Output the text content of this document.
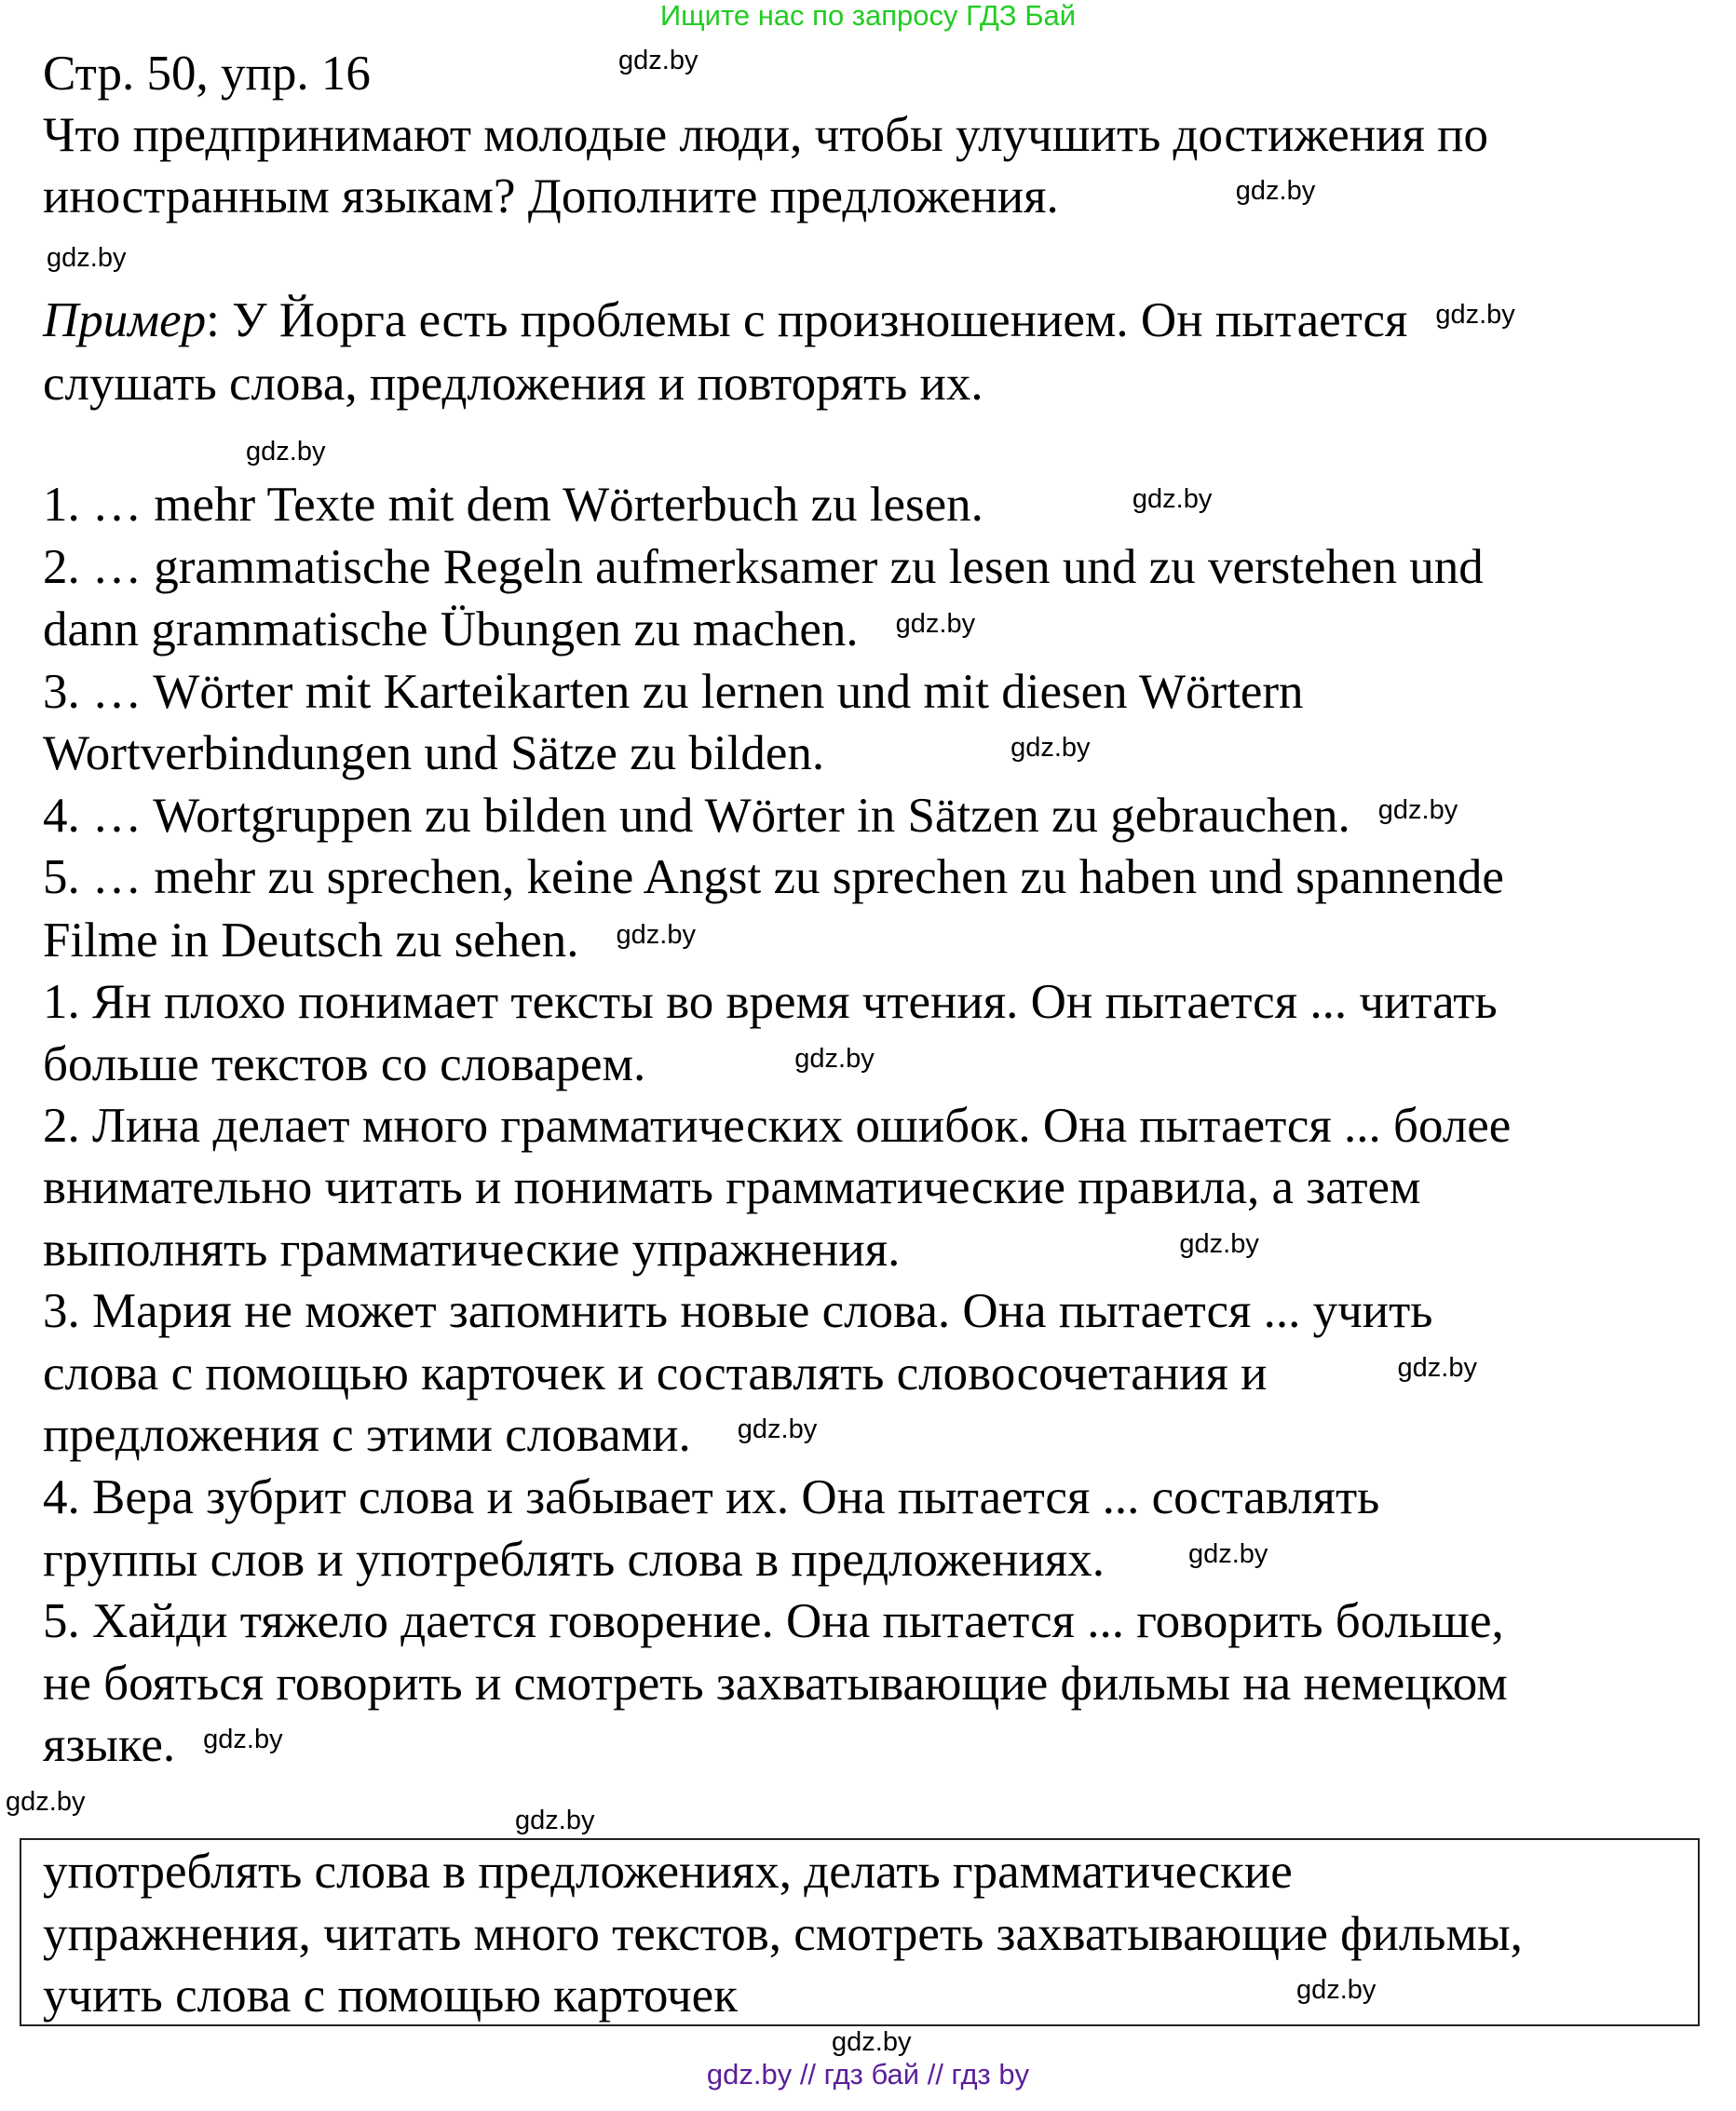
Ищите нас по запросу ГДЗ Бай
Стр. 50, упр. 16
Что предпринимают молодые люди, чтобы улучшить достижения по
иностранным языкам? Дополните предложения.	$^{gdz.by}$
Пример: У Йорга есть проблемы с произношением. Он пытается $^{gdz.by}$
слушать слова, предложения и повторять их.
1. … mehr Texte mit dem Wörterbuch zu lesen.	$^{gdz.by}$
2. … grammatische Regeln aufmerksamer zu lesen und zu verstehen und
dann grammatische Übungen zu machen. $^{gdz.by}$
3. … Wörter mit Karteikarten zu lernen und mit diesen Wörtern
Wortverbindungen und Sätze zu bilden.	$^{gdz.by}$
4. … Wortgruppen zu bilden und Wörter in Sätzen zu gebrauchen. $^{gdz.by}$
5. … mehr zu sprechen, keine Angst zu sprechen zu haben und spannende
Filme in Deutsch zu sehen. $^{gdz.by}$
1. Ян плохо понимает тексты во время чтения. Он пытается ... читать
больше текстов со словарем.	$^{gdz.by}$
2. Лина делает много грамматических ошибок. Она пытается ... более
внимательно читать и понимать грамматические правила, а затем
выполнять грамматические упражнения.	$^{gdz.by}$
3. Мария не может запомнить новые слова. Она пытается ... учить
слова с помощью карточек и составлять словосочетания и	$^{gdz.by}$
предложения с этими словами. $^{gdz.by}$
4. Вера зубрит слова и забывает их. Она пытается ... составлять
группы слов и употреблять слова в предложениях.	$^{gdz.by}$
5. Хайди тяжело дается говорение. Она пытается ... говорить больше,
не бояться говорить и смотреть захватывающие фильмы на немецком
языке. $^{gdz.by}$
употреблять слова в предложениях, делать грамматические
упражнения, читать много текстов, смотреть захватывающие фильмы,
учить слова с помощью карточек	$^{gdz.by}$
gdz.by
gdz.by
gdz.by
gdz.by
gdz.by
gdz.by
gdz.by // гдз бай // гдз by
